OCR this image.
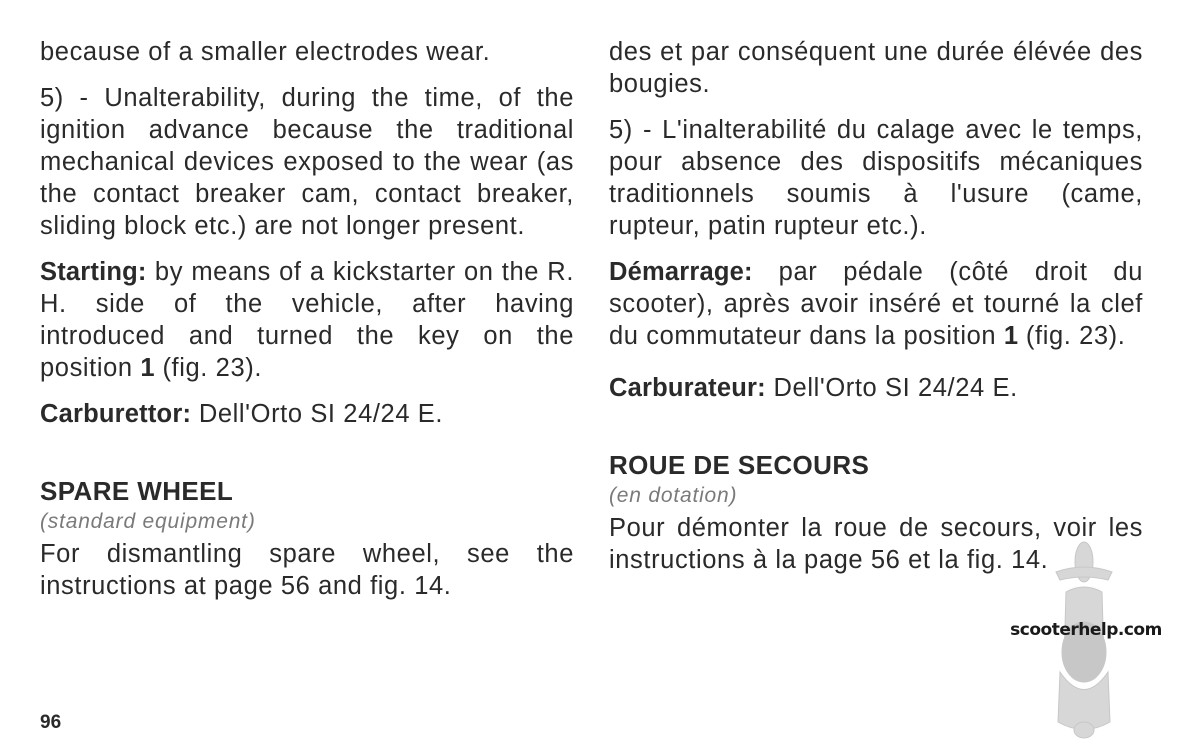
because of a smaller electrodes wear.

5) - Unalterability, during the time, of the ignition advance because the traditional mechanical devices exposed to the wear (as the contact breaker cam, contact breaker, sliding block etc.) are not longer present.

Starting: by means of a kickstarter on the R. H. side of the vehicle, after having introduced and turned the key on the position 1 (fig. 23).

Carburettor: Dell'Orto SI 24/24 E.

SPARE WHEEL
(standard equipment)

For dismantling spare wheel, see the instructions at page 56 and fig. 14.

des et par conséquent une durée élévée des bougies.

5) - L'inalterabilité du calage avec le temps, pour absence des dispositifs mécaniques traditionnels soumis à l'usure (came, rupteur, patin rupteur etc.).

Démarrage: par pédale (côté droit du scooter), après avoir inséré et tourné la clef du commutateur dans la position 1 (fig. 23).

Carburateur: Dell'Orto SI 24/24 E.

ROUE DE SECOURS
(en dotation)

Pour démonter la roue de secours, voir les instructions à la page 56 et la fig. 14.

96
scooterhelp.com
